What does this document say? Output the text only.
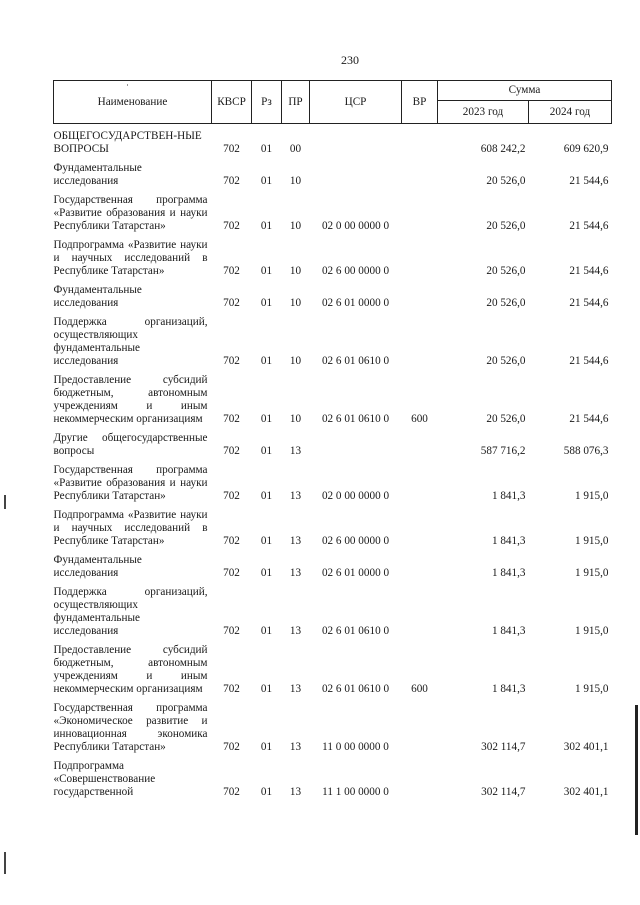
230
Наименование	КВСР	Рз	ПР	ЦСР	ВР	Сумма	
						2023 год	2024 год
ОБЩЕГОСУДАРСТВЕН-НЫЕ ВОПРОСЫ	702	01	00			608 242,2	609 620,9
Фундаментальные исследования	702	01	10			20 526,0	21 544,6
Государственная программа «Развитие образования и науки Республики Татарстан»	702	01	10	02 0 00 0000 0		20 526,0	21 544,6
Подпрограмма «Развитие науки и научных исследований в Республике Татарстан»	702	01	10	02 6 00 0000 0		20 526,0	21 544,6
Фундаментальные исследования	702	01	10	02 6 01 0000 0		20 526,0	21 544,6
Поддержка организаций, осуществляющих фундаментальные исследования	702	01	10	02 6 01 0610 0		20 526,0	21 544,6
Предоставление субсидий бюджетным, автономным учреждениям и иным некоммерческим организациям	702	01	10	02 6 01 0610 0	600	20 526,0	21 544,6
Другие общегосударственные вопросы	702	01	13			587 716,2	588 076,3
Государственная программа «Развитие образования и науки Республики Татарстан»	702	01	13	02 0 00 0000 0		1 841,3	1 915,0
Подпрограмма «Развитие науки и научных исследований в Республике Татарстан»	702	01	13	02 6 00 0000 0		1 841,3	1 915,0
Фундаментальные исследования	702	01	13	02 6 01 0000 0		1 841,3	1 915,0
Поддержка организаций, осуществляющих фундаментальные исследования	702	01	13	02 6 01 0610 0		1 841,3	1 915,0
Предоставление субсидий бюджетным, автономным учреждениям и иным некоммерческим организациям	702	01	13	02 6 01 0610 0	600	1 841,3	1 915,0
Государственная программа «Экономическое развитие и инновационная экономика Республики Татарстан»	702	01	13	11 0 00 0000 0		302 114,7	302 401,1
Подпрограмма «Совершенствование государственной	702	01	13	11 1 00 0000 0		302 114,7	302 401,1
